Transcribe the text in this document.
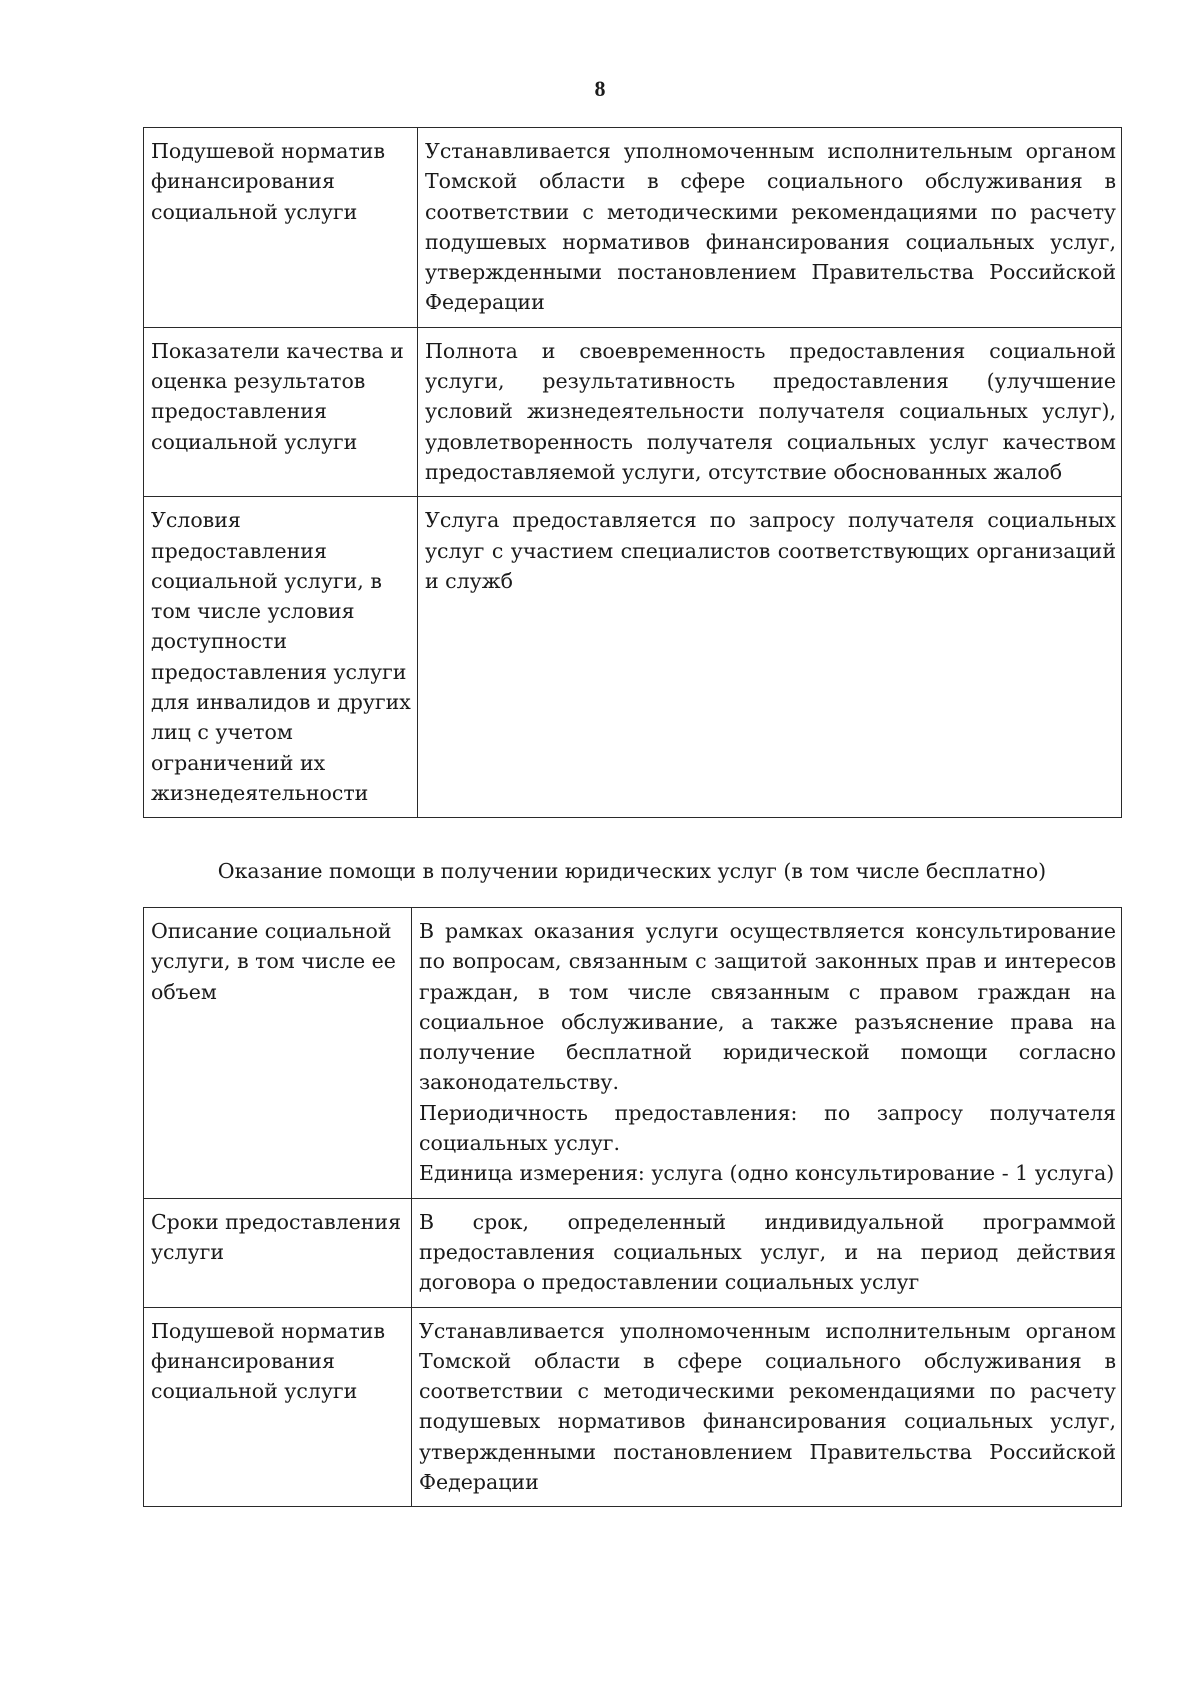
8
Подушевой норматив финансирования социальной услуги	Устанавливается уполномоченным исполнительным органом Томской области в сфере социального обслуживания в соответствии с методическими рекомендациями по расчету подушевых нормативов финансирования социальных услуг, утвержденными постановлением Правительства Российской Федерации

Показатели качества и оценка результатов предоставления социальной услуги	Полнота и своевременность предоставления социальной услуги, результативность предоставления (улучшение условий жизнедеятельности получателя социальных услуг), удовлетворенность получателя социальных услуг качеством предоставляемой услуги, отсутствие обоснованных жалоб

Условия предоставления социальной услуги, в том числе условия доступности предоставления услуги для инвалидов и других лиц с учетом ограничений их жизнедеятельности	Услуга предоставляется по запросу получателя социальных услуг с участием специалистов соответствующих организаций и служб
Оказание помощи в получении юридических услуг (в том числе бесплатно)
Описание социальной услуги, в том числе ее объем	В рамках оказания услуги осуществляется консультирование по вопросам, связанным с защитой законных прав и интересов граждан, в том числе связанным с правом граждан на социальное обслуживание, а также разъяснение права на получение бесплатной юридической помощи согласно законодательству.
Периодичность предоставления: по запросу получателя социальных услуг.
Единица измерения: услуга (одно консультирование - 1 услуга)

Сроки предоставления услуги	В срок, определенный индивидуальной программой предоставления социальных услуг, и на период действия договора о предоставлении социальных услуг

Подушевой норматив финансирования социальной услуги	Устанавливается уполномоченным исполнительным органом Томской области в сфере социального обслуживания в соответствии с методическими рекомендациями по расчету подушевых нормативов финансирования социальных услуг, утвержденными постановлением Правительства Российской Федерации
